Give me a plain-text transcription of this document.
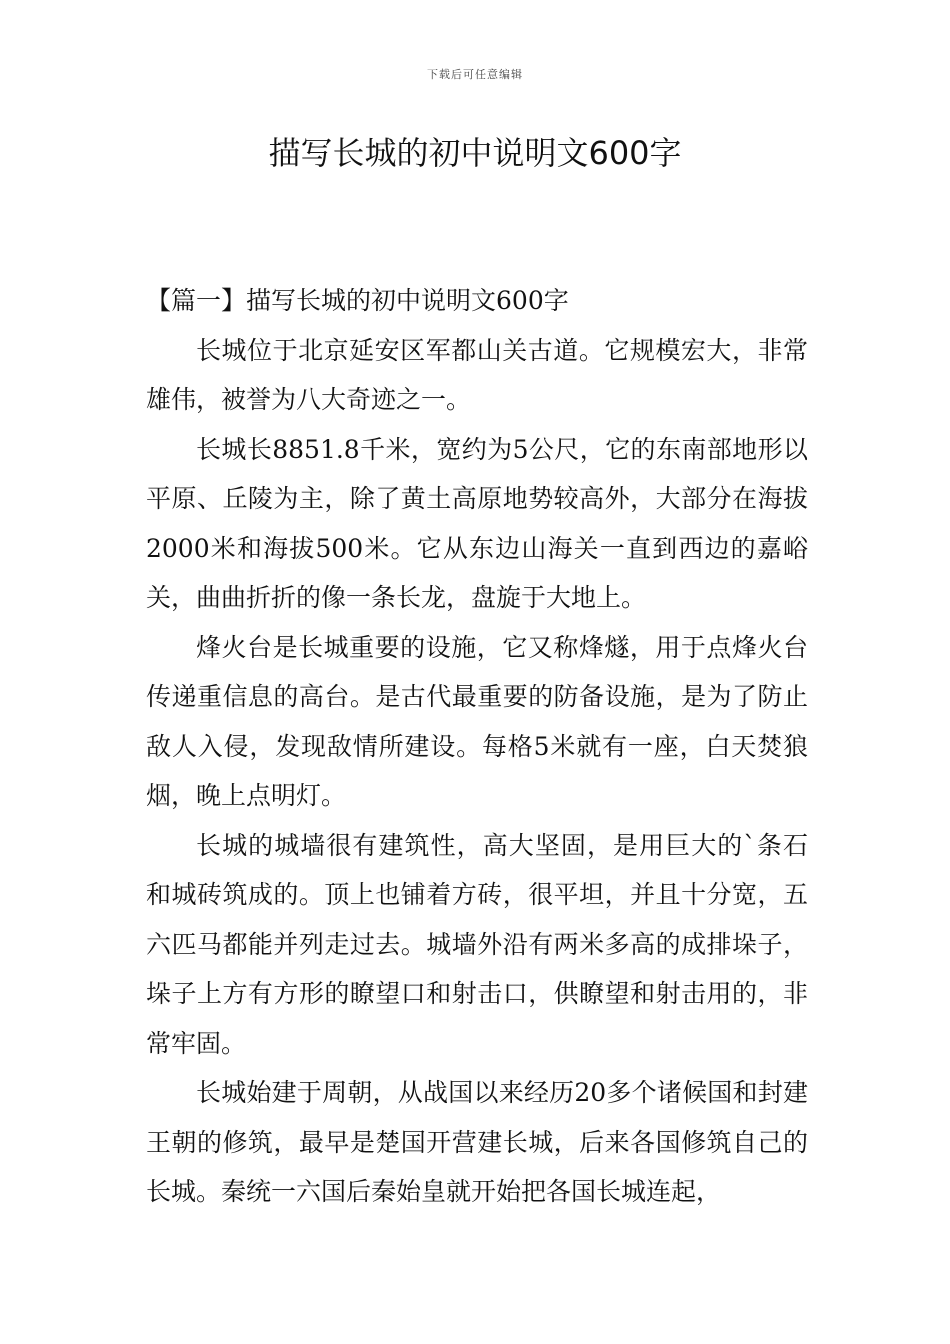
下载后可任意编辑
描写长城的初中说明文600字
【篇一】描写长城的初中说明文600字

长城位于北京延安区军都山关古道。它规模宏大，非常雄伟，被誉为八大奇迹之一。

长城长8851.8千米，宽约为5公尺，它的东南部地形以平原、丘陵为主，除了黄土高原地势较高外，大部分在海拔2000米和海拔500米。它从东边山海关一直到西边的嘉峪关，曲曲折折的像一条长龙，盘旋于大地上。

烽火台是长城重要的设施，它又称烽燧，用于点烽火台传递重信息的高台。是古代最重要的防备设施，是为了防止敌人入侵，发现敌情所建设。每格5米就有一座，白天焚狼烟，晚上点明灯。

长城的城墙很有建筑性，高大坚固，是用巨大的`条石和城砖筑成的。顶上也铺着方砖，很平坦，并且十分宽，五六匹马都能并列走过去。城墙外沿有两米多高的成排垛子，垛子上方有方形的瞭望口和射击口，供瞭望和射击用的，非常牢固。

长城始建于周朝，从战国以来经历20多个诸候国和封建王朝的修筑，最早是楚国开营建长城，后来各国修筑自己的长城。秦统一六国后秦始皇就开始把各国长城连起，
